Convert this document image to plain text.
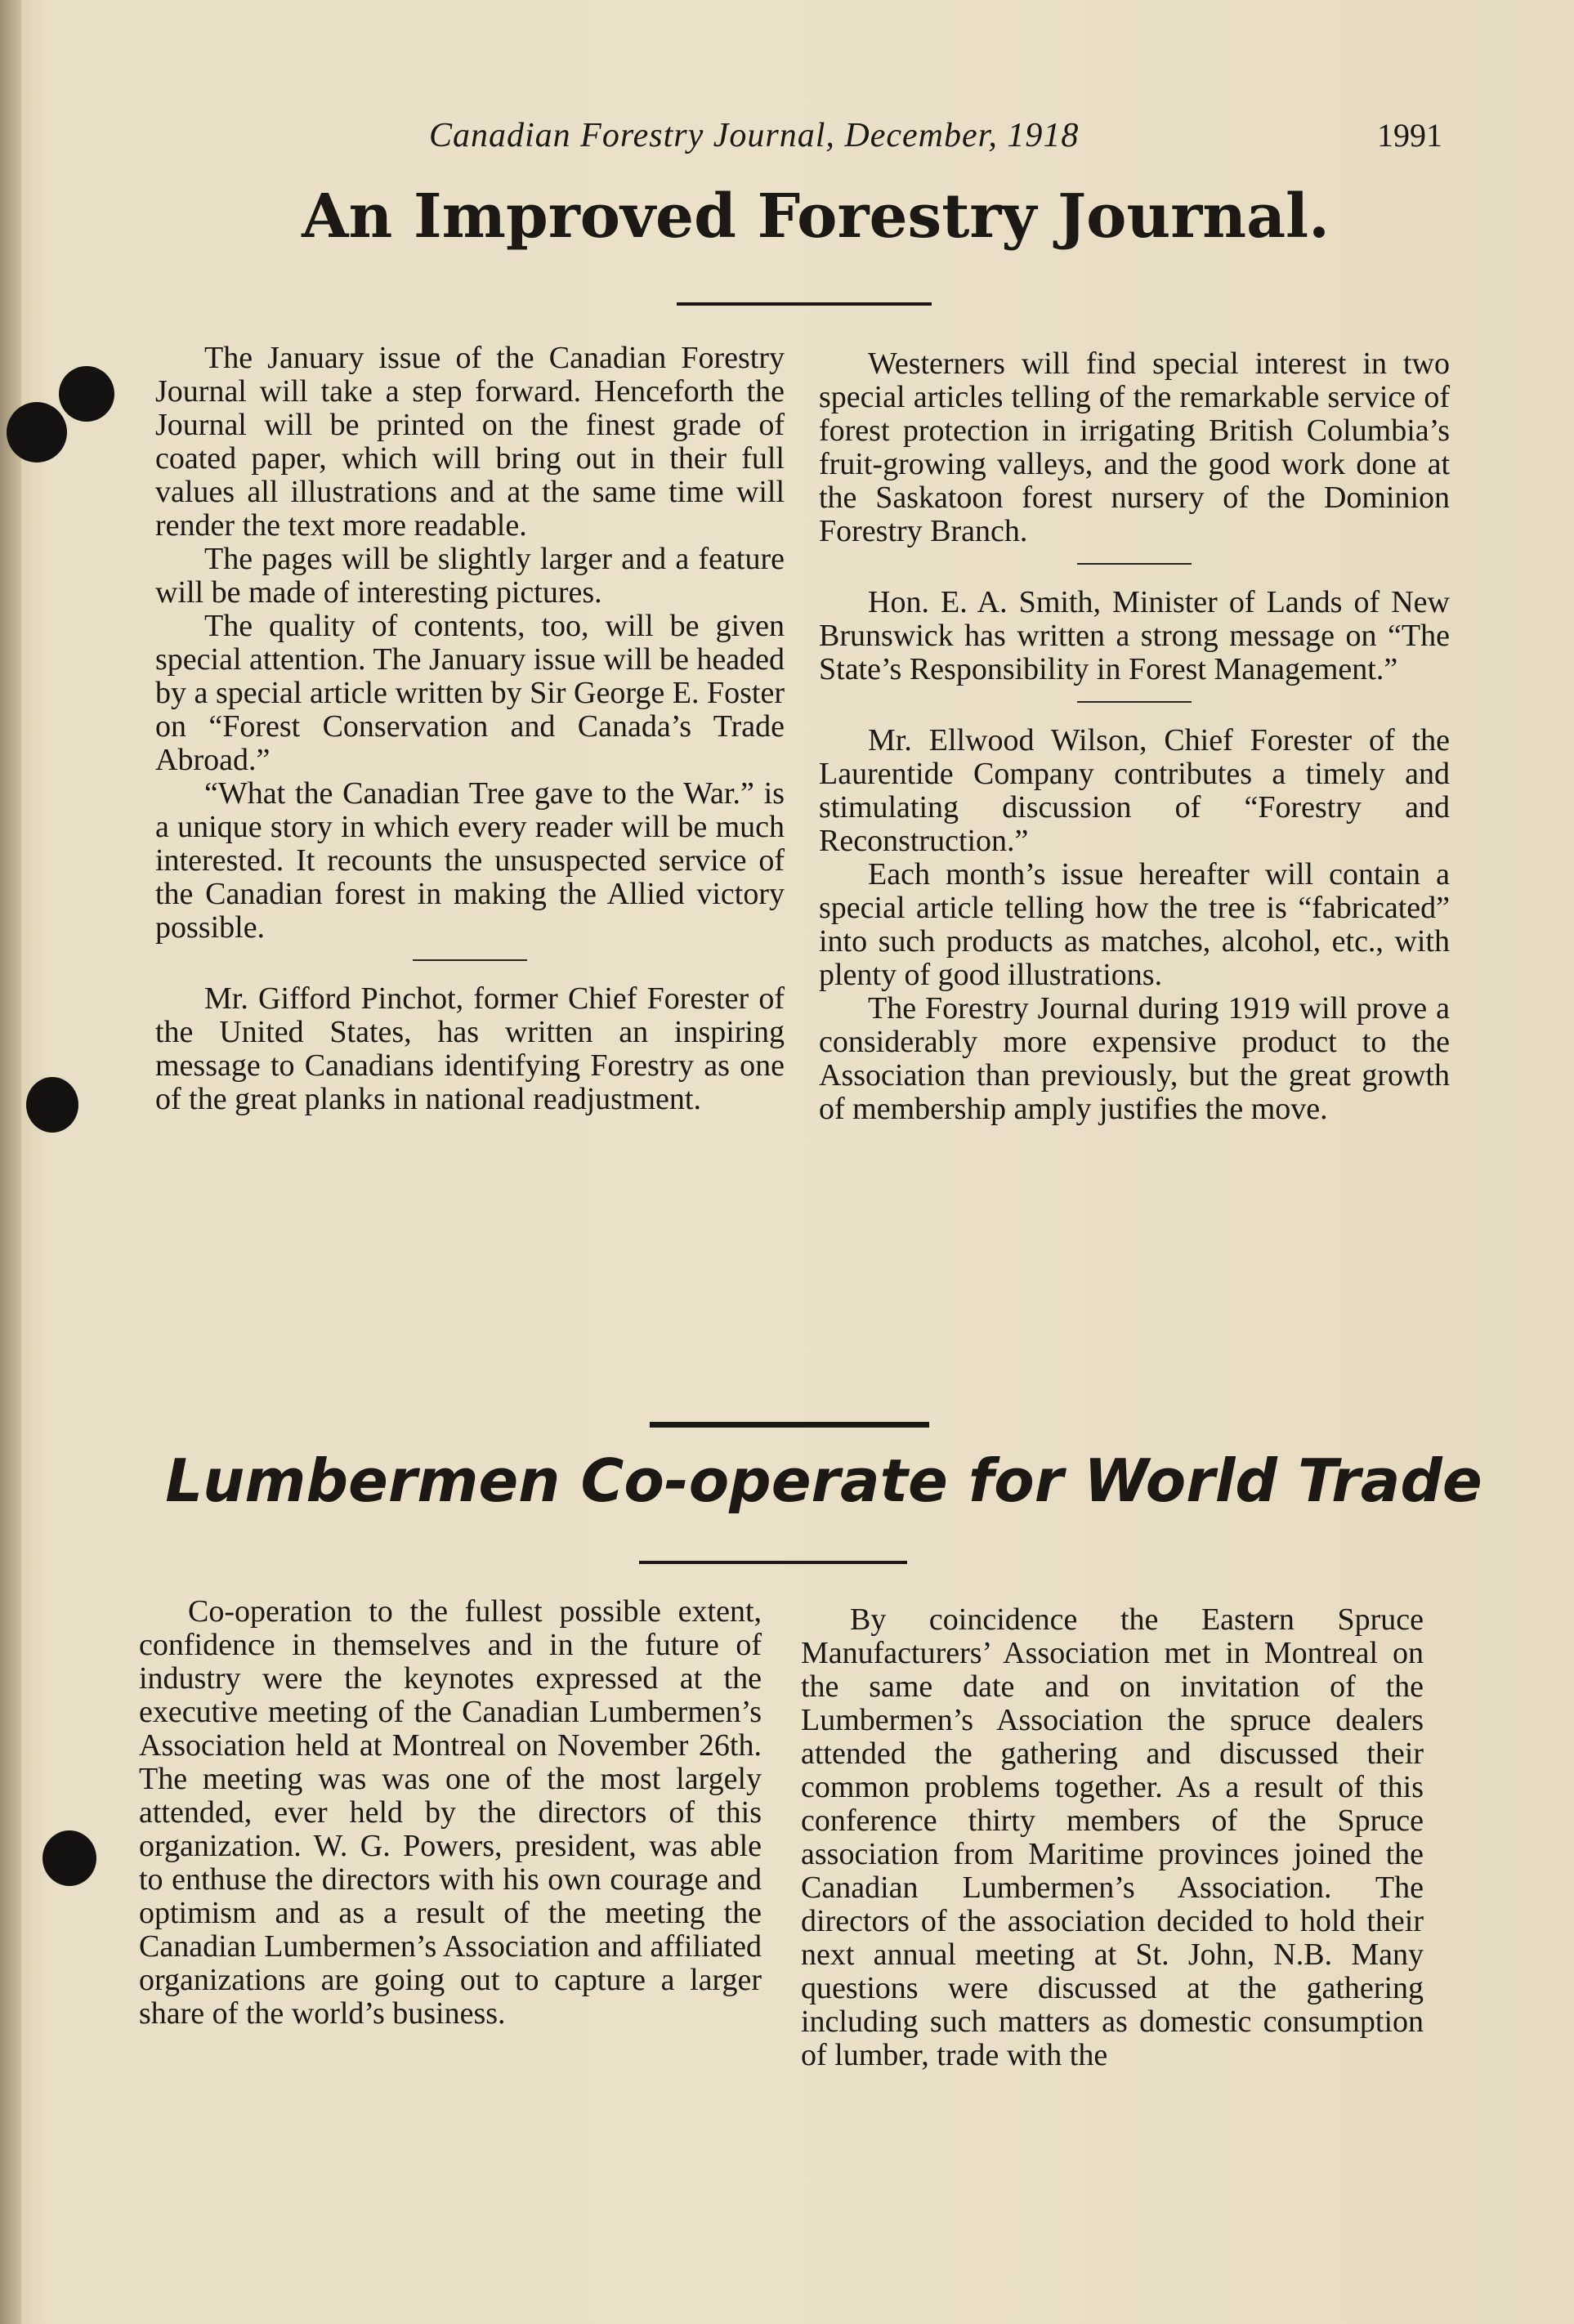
Canadian Forestry Journal, December, 1918	1991
An Improved Forestry Journal.

The January issue of the Canadian Forestry Journal will take a step forward. Henceforth the Journal will be printed on the finest grade of coated paper, which will bring out in their full values all illustrations and at the same time will render the text more readable.

The pages will be slightly larger and a feature will be made of interesting pictures.

The quality of contents, too, will be given special attention. The January issue will be headed by a special article written by Sir George E. Foster on “Forest Conservation and Canada’s Trade Abroad.”

“What the Canadian Tree gave to the War.” is a unique story in which every reader will be much interested. It recounts the unsuspected service of the Canadian forest in making the Allied victory possible.

Mr. Gifford Pinchot, former Chief Forester of the United States, has written an inspiring message to Canadians identifying Forestry as one of the great planks in national readjustment.

Westerners will find special interest in two special articles telling of the remarkable service of forest protection in irrigating British Columbia’s fruit-growing valleys, and the good work done at the Saskatoon forest nursery of the Dominion Forestry Branch.

Hon. E. A. Smith, Minister of Lands of New Brunswick has written a strong message on “The State’s Responsibility in Forest Management.”

Mr. Ellwood Wilson, Chief Forester of the Laurentide Company contributes a timely and stimulating discussion of “Forestry and Reconstruction.”

Each month’s issue hereafter will contain a special article telling how the tree is “fabricated” into such products as matches, alcohol, etc., with plenty of good illustrations.

The Forestry Journal during 1919 will prove a considerably more expensive product to the Association than previously, but the great growth of membership amply justifies the move.

Lumbermen Co-operate for World Trade

Co-operation to the fullest possible extent, confidence in themselves and in the future of industry were the keynotes expressed at the executive meeting of the Canadian Lumbermen’s Association held at Montreal on November 26th. The meeting was was one of the most largely attended, ever held by the directors of this organization. W. G. Powers, president, was able to enthuse the directors with his own courage and optimism and as a result of the meeting the Canadian Lumbermen’s Association and affiliated organizations are going out to capture a larger share of the world’s business.

By coincidence the Eastern Spruce Manufacturers’ Association met in Montreal on the same date and on invitation of the Lumbermen’s Association the spruce dealers attended the gathering and discussed their common problems together. As a result of this conference thirty members of the Spruce association from Maritime provinces joined the Canadian Lumbermen’s Association. The directors of the association decided to hold their next annual meeting at St. John, N.B. Many questions were discussed at the gathering including such matters as domestic consumption of lumber, trade with the
